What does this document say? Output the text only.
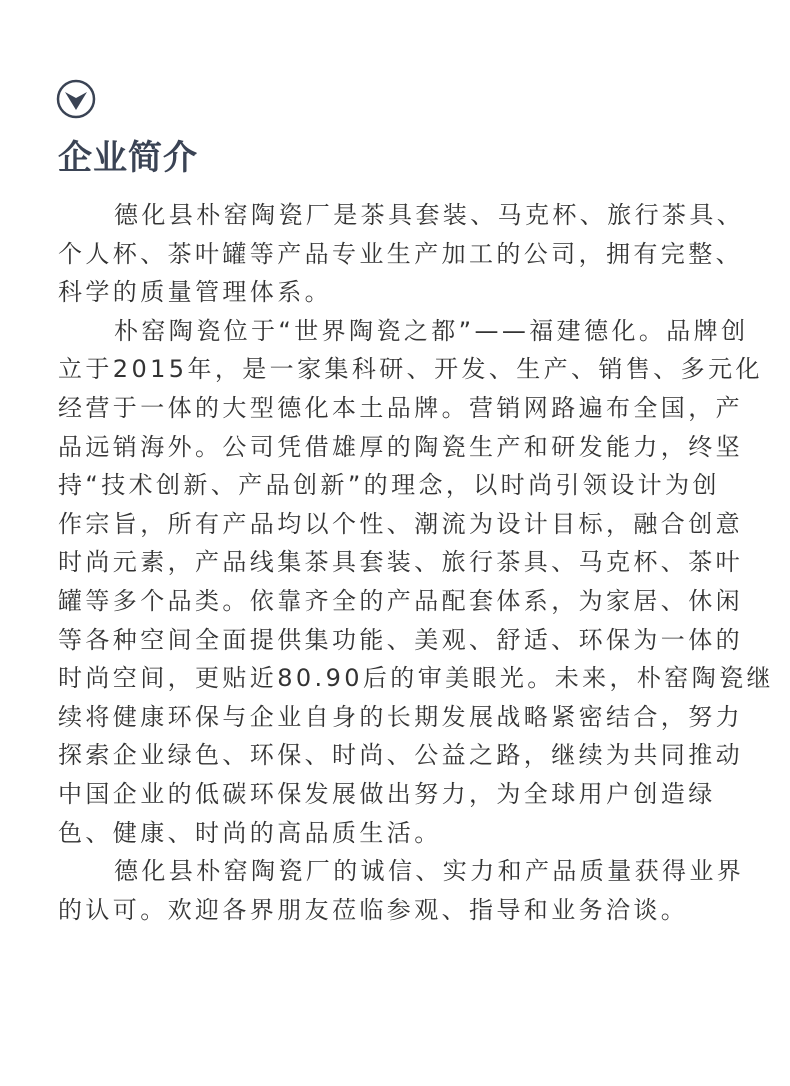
企业简介
德化县朴窑陶瓷厂是茶具套装、马克杯、旅行茶具、
个人杯、茶叶罐等产品专业生产加工的公司，拥有完整、
科学的质量管理体系。
朴窑陶瓷位于“世界陶瓷之都”——福建德化。品牌创
立于2015年，是一家集科研、开发、生产、销售、多元化
经营于一体的大型德化本土品牌。营销网路遍布全国，产
品远销海外。公司凭借雄厚的陶瓷生产和研发能力，终坚
持“技术创新、产品创新”的理念，以时尚引领设计为创
作宗旨，所有产品均以个性、潮流为设计目标，融合创意
时尚元素，产品线集茶具套装、旅行茶具、马克杯、茶叶
罐等多个品类。依靠齐全的产品配套体系，为家居、休闲
等各种空间全面提供集功能、美观、舒适、环保为一体的
时尚空间，更贴近80.90后的审美眼光。未来，朴窑陶瓷继
续将健康环保与企业自身的长期发展战略紧密结合，努力
探索企业绿色、环保、时尚、公益之路，继续为共同推动
中国企业的低碳环保发展做出努力，为全球用户创造绿
色、健康、时尚的高品质生活。
德化县朴窑陶瓷厂的诚信、实力和产品质量获得业界
的认可。欢迎各界朋友莅临参观、指导和业务洽谈。
